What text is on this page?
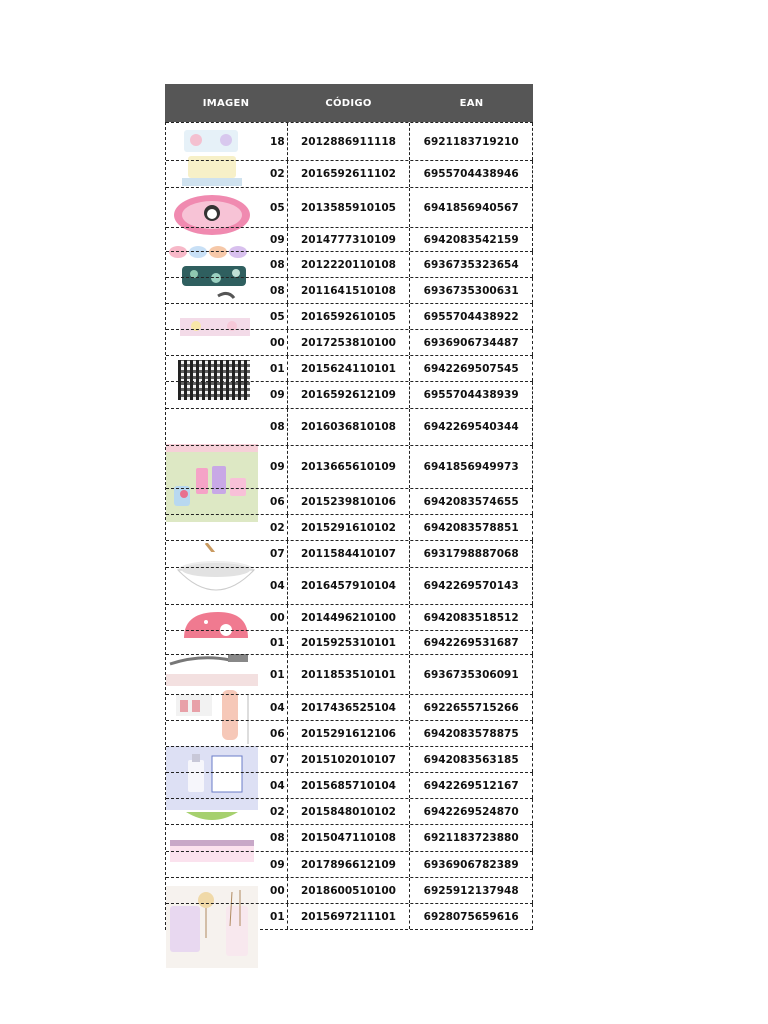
IMAGEN	CÓDIGO	EAN
18	2012886911118	6921183719210
02	2016592611102	6955704438946
05	2013585910105	6941856940567
09	2014777310109	6942083542159
08	2012220110108	6936735323654
08	2011641510108	6936735300631
05	2016592610105	6955704438922
00	2017253810100	6936906734487
01	2015624110101	6942269507545
09	2016592612109	6955704438939
08	2016036810108	6942269540344
09	2013665610109	6941856949973
06	2015239810106	6942083574655
02	2015291610102	6942083578851
07	2011584410107	6931798887068
04	2016457910104	6942269570143
00	2014496210100	6942083518512
01	2015925310101	6942269531687
01	2011853510101	6936735306091
04	2017436525104	6922655715266
06	2015291612106	6942083578875
07	2015102010107	6942083563185
04	2015685710104	6942269512167
02	2015848010102	6942269524870
08	2015047110108	6921183723880
09	2017896612109	6936906782389
00	2018600510100	6925912137948
01	2015697211101	6928075659616
